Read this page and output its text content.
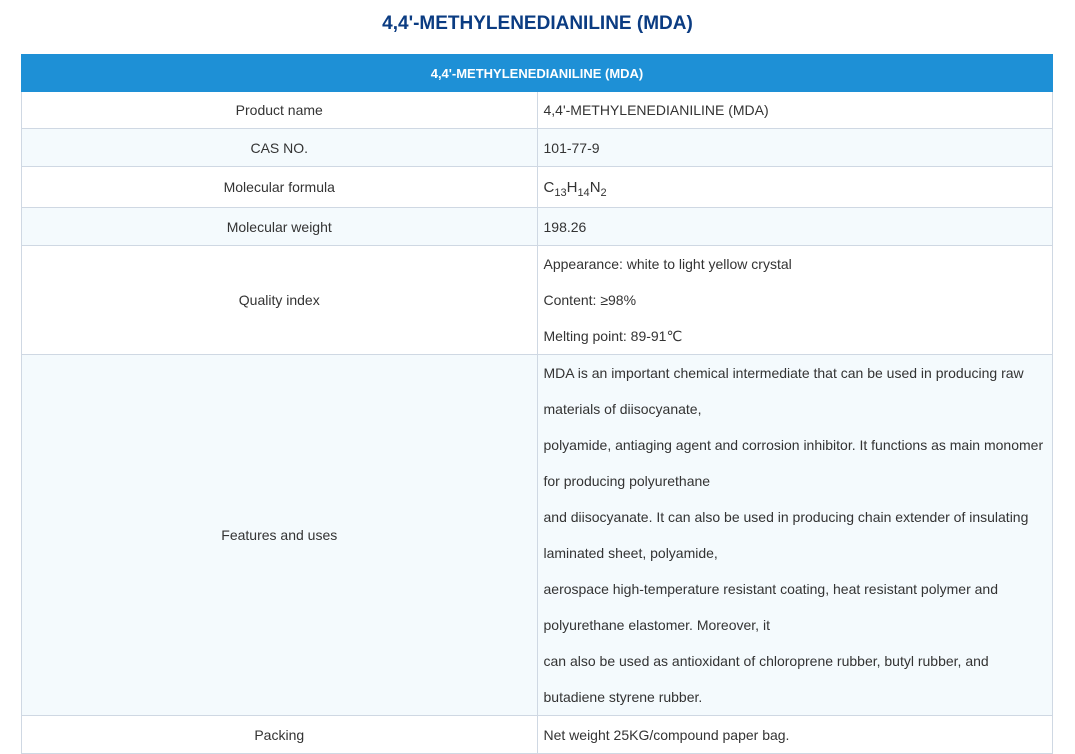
4,4'-METHYLENEDIANILINE (MDA)
4,4'-METHYLENEDIANILINE (MDA)	
Product name	4,4'-METHYLENEDIANILINE (MDA)
CAS NO.	101-77-9
Molecular formula	$C_{13}H_{14}N_2$
Molecular weight	198.26
Quality index	Appearance: white to light yellow crystal
Content: ≥98%
Melting point: 89-91℃

Features and uses	MDA is an important chemical intermediate that can be used in producing raw materials of diisocyanate,
polyamide, antiaging agent and corrosion inhibitor. It functions as main monomer for producing polyurethane
and diisocyanate. It can also be used in producing chain extender of insulating laminated sheet, polyamide,
aerospace high-temperature resistant coating, heat resistant polymer and polyurethane elastomer. Moreover, it
can also be used as antioxidant of chloroprene rubber, butyl rubber, and butadiene styrene rubber.

Packing	Net weight 25KG/compound paper bag.
